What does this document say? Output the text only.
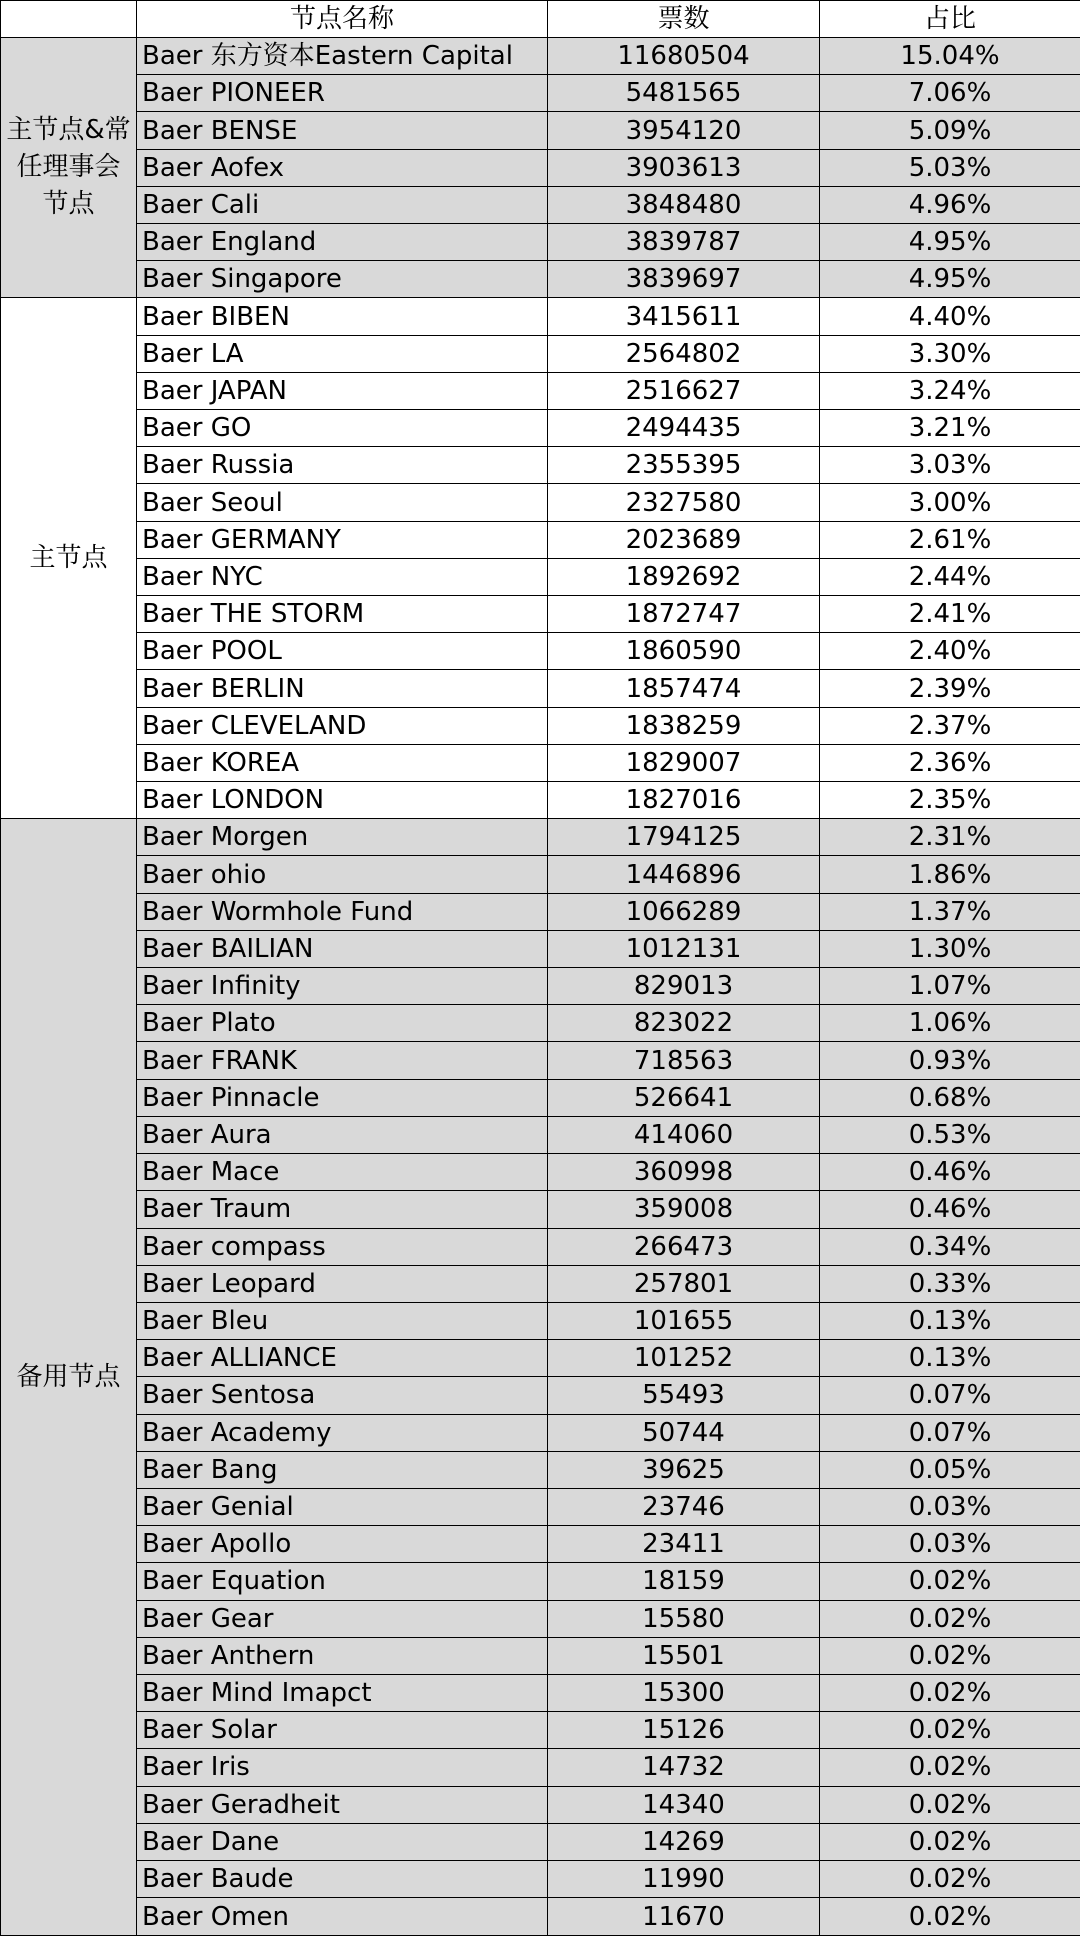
	节点名称	票数	占比
主节点&常任理事会节点	Baer 东方资本Eastern Capital	11680504	15.04%
	Baer PIONEER	5481565	7.06%
	Baer BENSE	3954120	5.09%
	Baer Aofex	3903613	5.03%
	Baer Cali	3848480	4.96%
	Baer England	3839787	4.95%
	Baer Singapore	3839697	4.95%
主节点	Baer BIBEN	3415611	4.40%
	Baer LA	2564802	3.30%
	Baer JAPAN	2516627	3.24%
	Baer GO	2494435	3.21%
	Baer Russia	2355395	3.03%
	Baer Seoul	2327580	3.00%
	Baer GERMANY	2023689	2.61%
	Baer NYC	1892692	2.44%
	Baer THE STORM	1872747	2.41%
	Baer POOL	1860590	2.40%
	Baer BERLIN	1857474	2.39%
	Baer CLEVELAND	1838259	2.37%
	Baer KOREA	1829007	2.36%
	Baer LONDON	1827016	2.35%
备用节点	Baer Morgen	1794125	2.31%
	Baer ohio	1446896	1.86%
	Baer Wormhole Fund	1066289	1.37%
	Baer BAILIAN	1012131	1.30%
	Baer Infinity	829013	1.07%
	Baer Plato	823022	1.06%
	Baer FRANK	718563	0.93%
	Baer Pinnacle	526641	0.68%
	Baer Aura	414060	0.53%
	Baer Mace	360998	0.46%
	Baer Traum	359008	0.46%
	Baer compass	266473	0.34%
	Baer Leopard	257801	0.33%
	Baer Bleu	101655	0.13%
	Baer ALLIANCE	101252	0.13%
	Baer Sentosa	55493	0.07%
	Baer Academy	50744	0.07%
	Baer Bang	39625	0.05%
	Baer Genial	23746	0.03%
	Baer Apollo	23411	0.03%
	Baer Equation	18159	0.02%
	Baer Gear	15580	0.02%
	Baer Anthern	15501	0.02%
	Baer Mind Imapct	15300	0.02%
	Baer Solar	15126	0.02%
	Baer Iris	14732	0.02%
	Baer Geradheit	14340	0.02%
	Baer Dane	14269	0.02%
	Baer Baude	11990	0.02%
	Baer Omen	11670	0.02%
